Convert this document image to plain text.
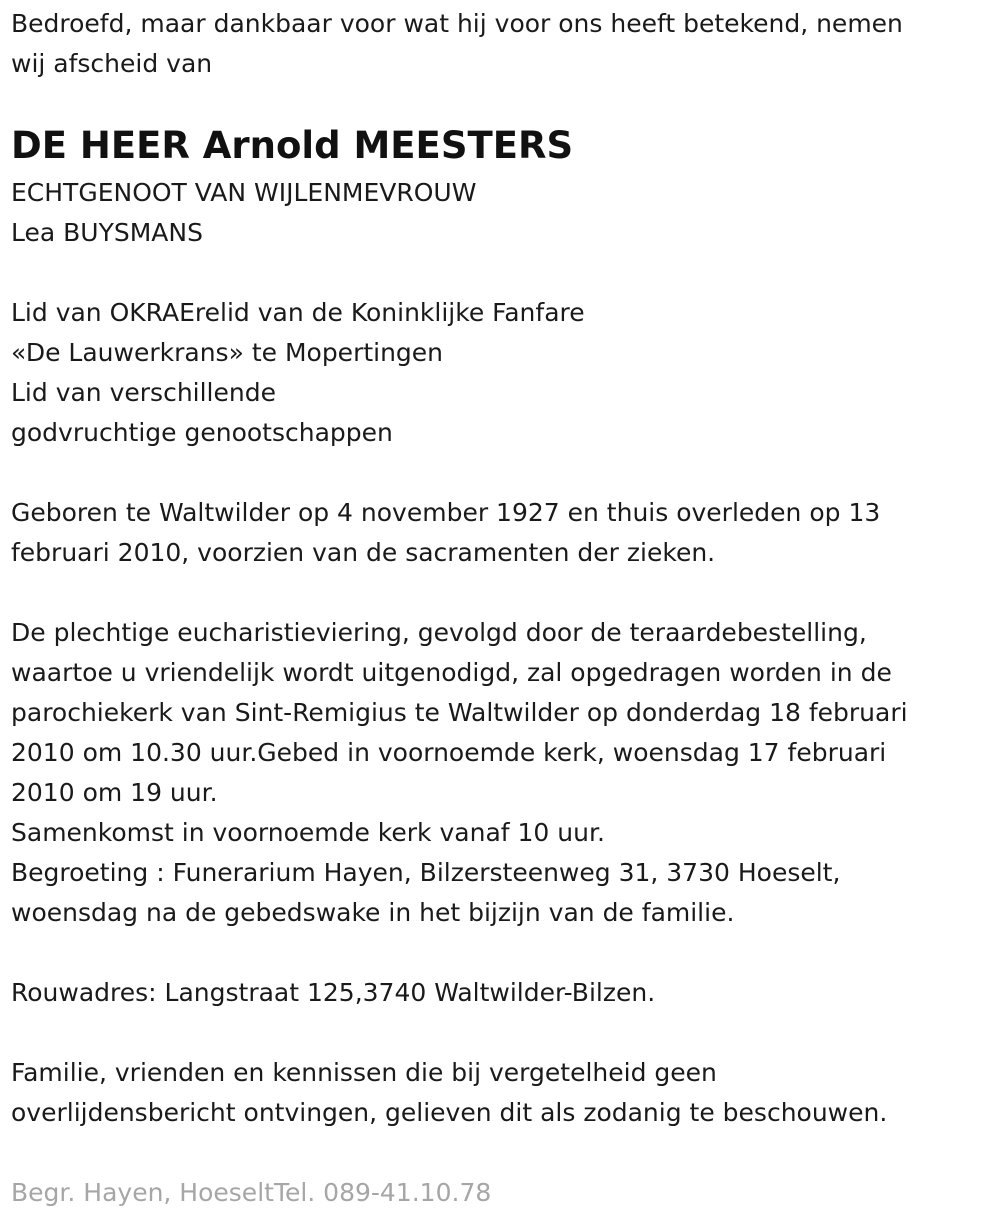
Bedroefd, maar dankbaar voor wat hij voor ons heeft betekend, nemen
wij afscheid van
DE HEER Arnold MEESTERS
ECHTGENOOT VAN WIJLENMEVROUW
Lea BUYSMANS
Lid van OKRAErelid van de Koninklijke Fanfare
«De Lauwerkrans» te Mopertingen
Lid van verschillende
godvruchtige genootschappen
Geboren te Waltwilder op 4 november 1927 en thuis overleden op 13
februari 2010, voorzien van de sacramenten der zieken.
De plechtige eucharistieviering, gevolgd door de teraardebestelling,
waartoe u vriendelijk wordt uitgenodigd, zal opgedragen worden in de
parochiekerk van Sint-Remigius te Waltwilder op donderdag 18 februari
2010 om 10.30 uur.Gebed in voornoemde kerk, woensdag 17 februari
2010 om 19 uur.
Samenkomst in voornoemde kerk vanaf 10 uur.
Begroeting : Funerarium Hayen, Bilzersteenweg 31, 3730 Hoeselt,
woensdag na de gebedswake in het bijzijn van de familie.
Rouwadres: Langstraat 125,3740 Waltwilder-Bilzen.
Familie, vrienden en kennissen die bij vergetelheid geen
overlijdensbericht ontvingen, gelieven dit als zodanig te beschouwen.
Begr. Hayen, HoeseltTel. 089-41.10.78
